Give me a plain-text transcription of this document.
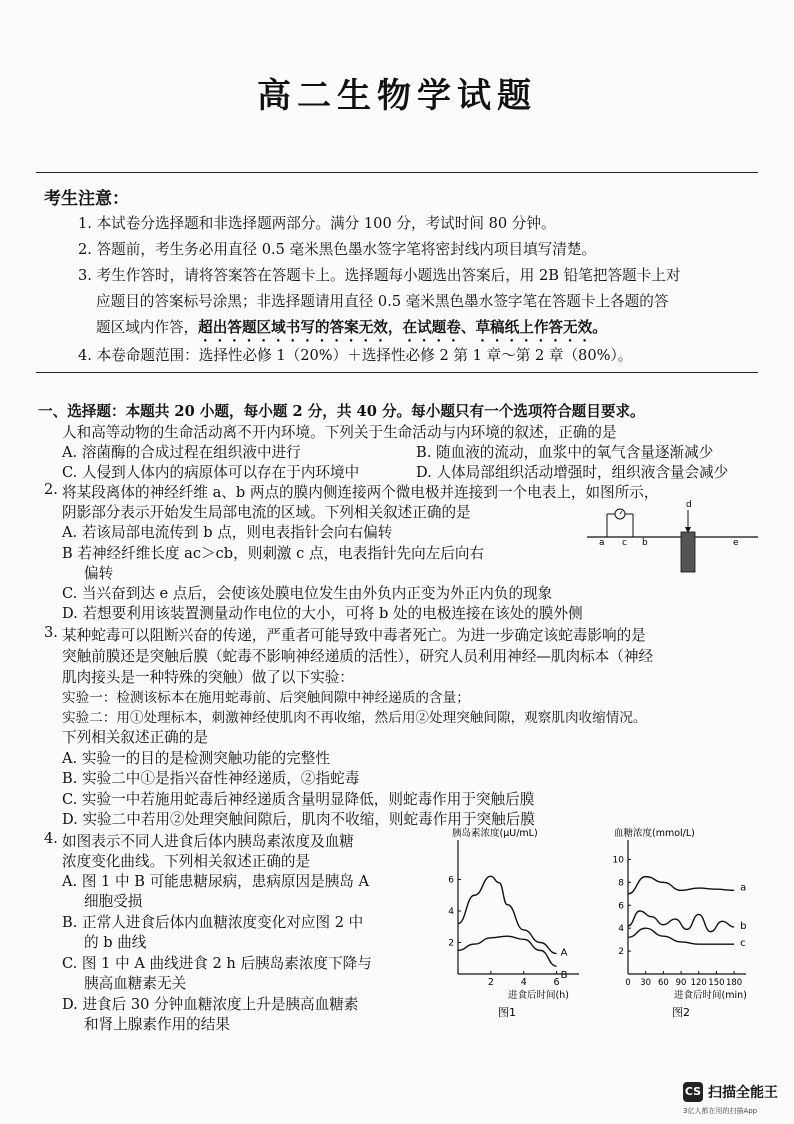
高二生物学试题
考生注意：
1. 本试卷分选择题和非选择题两部分。满分 100 分，考试时间 80 分钟。
2. 答题前，考生务必用直径 0.5 毫米黑色墨水签字笔将密封线内项目填写清楚。
3. 考生作答时，请将答案答在答题卡上。选择题每小题选出答案后，用 2B 铅笔把答题卡上对
应题目的答案标号涂黑；非选择题请用直径 0.5 毫米黑色墨水签字笔在答题卡上各题的答
题区域内作答，超出答题区域书写的答案无效，在试题卷、草稿纸上作答无效。
4. 本卷命题范围：选择性必修 1（20%）＋选择性必修 2 第 1 章～第 2 章（80%）。
一、选择题：本题共 20 小题，每小题 2 分，共 40 分。每小题只有一个选项符合题目要求。
人和高等动物的生命活动离不开内环境。下列关于生命活动与内环境的叙述，正确的是
A. 溶菌酶的合成过程在组织液中进行	B. 随血液的流动，血浆中的氧气含量逐渐减少
C. 人侵到人体内的病原体可以存在于内环境中	D. 人体局部组织活动增强时，组织液含量会减少
2. 将某段离体的神经纤维 a、b 两点的膜内侧连接两个微电极并连接到一个电表上，如图所示，
阴影部分表示开始发生局部电流的区域。下列相关叙述正确的是
A. 若该局部电流传到 b 点，则电表指针会向右偏转
B 若神经纤维长度 ac＞cb，则刺激 c 点，电表指针先向左后向右
偏转
C. 当兴奋到达 e 点后，会使该处膜电位发生由外负内正变为外正内负的现象
D. 若想要利用该装置测量动作电位的大小，可将 b 处的电极连接在该处的膜外侧
a c b
d
e
3. 某种蛇毒可以阻断兴奋的传递，严重者可能导致中毒者死亡。为进一步确定该蛇毒影响的是
突触前膜还是突触后膜（蛇毒不影响神经递质的活性），研究人员利用神经—肌肉标本（神经
肌肉接头是一种特殊的突触）做了以下实验：
实验一：检测该标本在施用蛇毒前、后突触间隙中神经递质的含量；
实验二：用①处理标本，刺激神经使肌肉不再收缩，然后用②处理突触间隙，观察肌肉收缩情况。
下列相关叙述正确的是
A. 实验一的目的是检测突触功能的完整性
B. 实验二中①是指兴奋性神经递质，②指蛇毒
C. 实验一中若施用蛇毒后神经递质含量明显降低，则蛇毒作用于突触后膜
D. 实验二中若用②处理突触间隙后，肌肉不收缩，则蛇毒作用于突触后膜
4. 如图表示不同人进食后体内胰岛素浓度及血糖
浓度变化曲线。下列相关叙述正确的是
A. 图 1 中 B 可能患糖尿病，患病原因是胰岛 A
细胞受损
B. 正常人进食后体内血糖浓度变化对应图 2 中
的 b 曲线
C. 图 1 中 A 曲线进食 2 h 后胰岛素浓度下降与
胰高血糖素无关
D. 进食后 30 分钟血糖浓度上升是胰高血糖素
和肾上腺素作用的结果
胰岛素浓度(μU/mL)
进食后时间(h)
图1
2	4	6
2
4
6
A
B
血糖浓度(mmol/L)
进食后时间(min)
图2
0 30 60 90 120 150 180
2
4
6
8
10
a
b
c
CS 扫描全能王
3亿人都在用的扫描App
